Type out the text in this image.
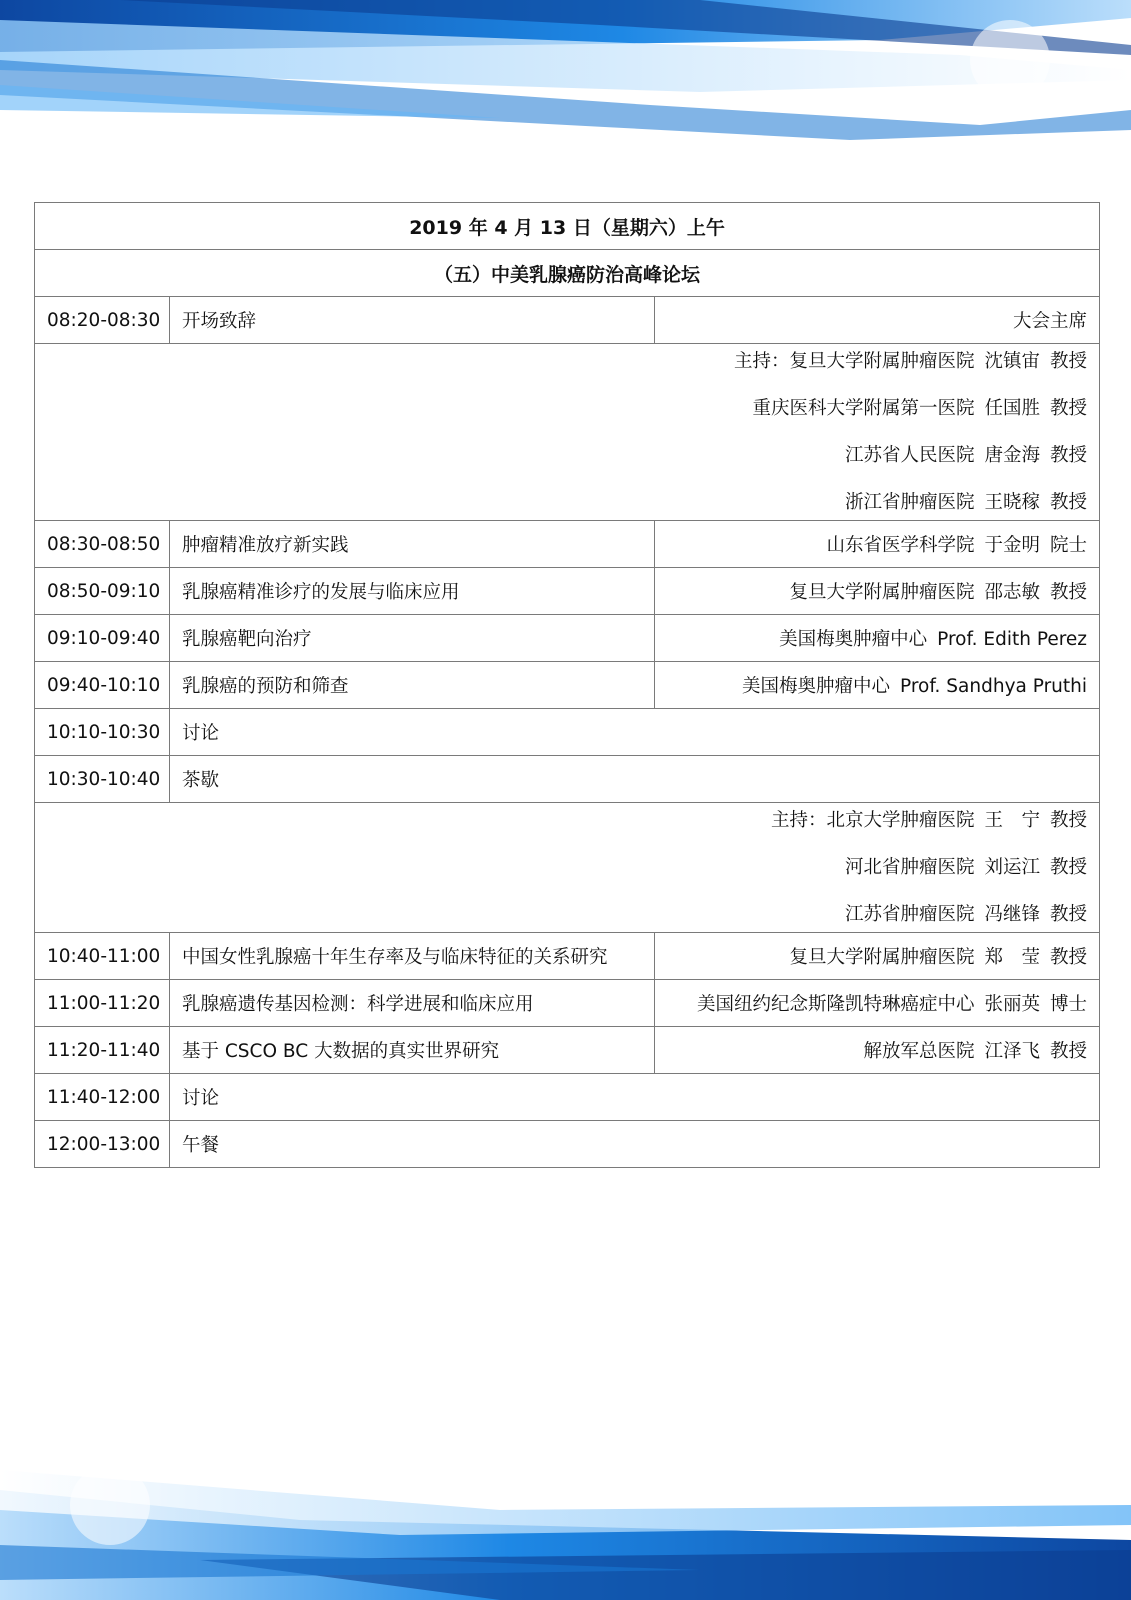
2019 年 4 月 13 日（星期六）上午		
（五）中美乳腺癌防治高峰论坛		
08:20-08:30	开场致辞	大会主席

主持：复旦大学附属肿瘤医院 沈镇宙 教授
重庆医科大学附属第一医院 任国胜 教授
江苏省人民医院 唐金海 教授
浙江省肿瘤医院 王晓稼 教授		

08:30-08:50	肿瘤精准放疗新实践	山东省医学科学院 于金明 院士
08:50-09:10	乳腺癌精准诊疗的发展与临床应用	复旦大学附属肿瘤医院 邵志敏 教授
09:10-09:40	乳腺癌靶向治疗	美国梅奥肿瘤中心 Prof. Edith Perez
09:40-10:10	乳腺癌的预防和筛查	美国梅奥肿瘤中心 Prof. Sandhya Pruthi
10:10-10:30	讨论	
10:30-10:40	茶歇	

主持：北京大学肿瘤医院 王　宁 教授
河北省肿瘤医院 刘运江 教授
江苏省肿瘤医院 冯继锋 教授		

10:40-11:00	中国女性乳腺癌十年生存率及与临床特征的关系研究	复旦大学附属肿瘤医院 郑　莹 教授
11:00-11:20	乳腺癌遗传基因检测：科学进展和临床应用	美国纽约纪念斯隆凯特琳癌症中心 张丽英 博士
11:20-11:40	基于 CSCO BC 大数据的真实世界研究	解放军总医院 江泽飞 教授
11:40-12:00	讨论	
12:00-13:00	午餐	
